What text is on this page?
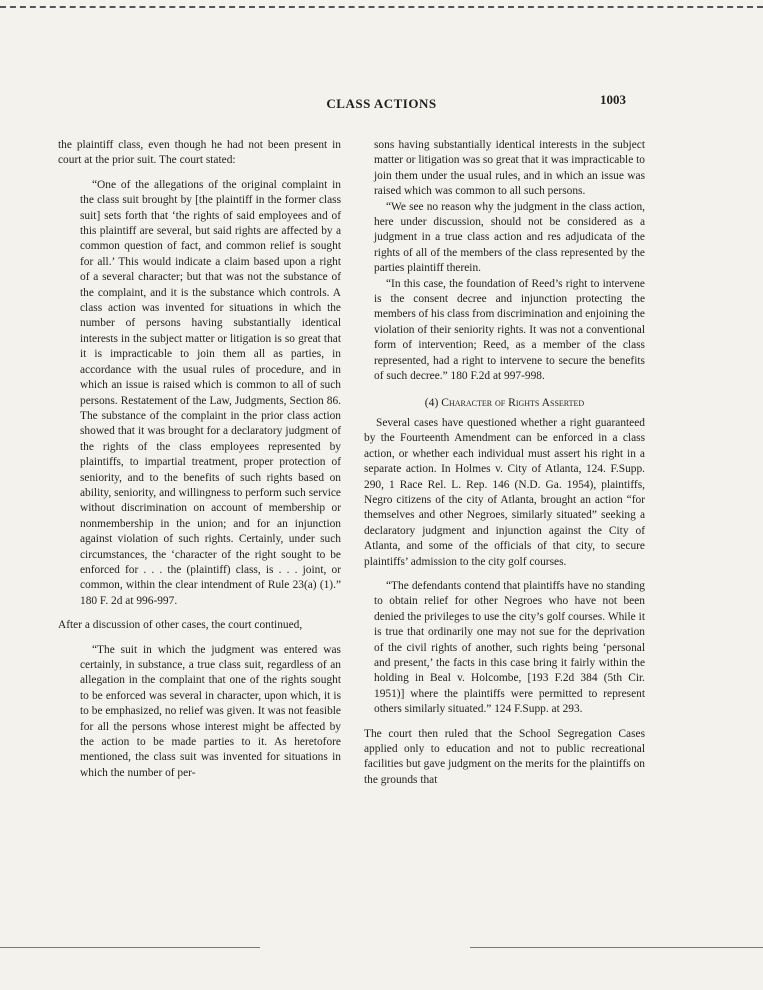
CLASS ACTIONS	1003

the plaintiff class, even though he had not been present in court at the prior suit. The court stated:

“One of the allegations of the original complaint in the class suit brought by [the plaintiff in the former class suit] sets forth that ‘the rights of said employees and of this plaintiff are several, but said rights are affected by a common question of fact, and common relief is sought for all.’ This would indicate a claim based upon a right of a several character; but that was not the substance of the complaint, and it is the substance which controls. A class action was invented for situations in which the number of persons having substantially identical interests in the subject matter or litigation is so great that it is impracticable to join them all as parties, in accordance with the usual rules of procedure, and in which an issue is raised which is common to all of such persons. Restatement of the Law, Judgments, Section 86. The substance of the complaint in the prior class action showed that it was brought for a declaratory judgment of the rights of the class employees represented by plaintiffs, to impartial treatment, proper protection of seniority, and to the benefits of such rights based on ability, seniority, and willingness to perform such service without discrimination on account of membership or nonmembership in the union; and for an injunction against violation of such rights. Certainly, under such circumstances, the ‘character of the right sought to be enforced for . . . the (plaintiff) class, is . . . joint, or common, within the clear intendment of Rule 23(a) (1).” 180 F. 2d at 996-997.

After a discussion of other cases, the court continued,

“The suit in which the judgment was entered was certainly, in substance, a true class suit, regardless of an allegation in the complaint that one of the rights sought to be enforced was several in character, upon which, it is to be emphasized, no relief was given. It was not feasible for all the persons whose interest might be affected by the action to be made parties to it. As heretofore mentioned, the class suit was invented for situations in which the number of per-

sons having substantially identical interests in the subject matter or litigation was so great that it was impracticable to join them under the usual rules, and in which an issue was raised which was common to all such persons.

“We see no reason why the judgment in the class action, here under discussion, should not be considered as a judgment in a true class action and res adjudicata of the rights of all of the members of the class represented by the parties plaintiff therein.

“In this case, the foundation of Reed’s right to intervene is the consent decree and injunction protecting the members of his class from discrimination and enjoining the violation of their seniority rights. It was not a conventional form of intervention; Reed, as a member of the class represented, had a right to intervene to secure the benefits of such decree.” 180 F.2d at 997-998.

(4) Character of Rights Asserted

Several cases have questioned whether a right guaranteed by the Fourteenth Amendment can be enforced in a class action, or whether each individual must assert his right in a separate action. In Holmes v. City of Atlanta, 124. F.Supp. 290, 1 Race Rel. L. Rep. 146 (N.D. Ga. 1954), plaintiffs, Negro citizens of the city of Atlanta, brought an action “for themselves and other Negroes, similarly situated” seeking a declaratory judgment and injunction against the City of Atlanta, and some of the officials of that city, to secure plaintiffs’ admission to the city golf courses.

“The defendants contend that plaintiffs have no standing to obtain relief for other Negroes who have not been denied the privileges to use the city’s golf courses. While it is true that ordinarily one may not sue for the deprivation of the civil rights of another, such rights being ‘personal and present,’ the facts in this case bring it fairly within the holding in Beal v. Holcombe, [193 F.2d 384 (5th Cir. 1951)] where the plaintiffs were permitted to represent others similarly situated.” 124 F.Supp. at 293.

The court then ruled that the School Segregation Cases applied only to education and not to public recreational facilities but gave judgment on the merits for the plaintiffs on the grounds that
